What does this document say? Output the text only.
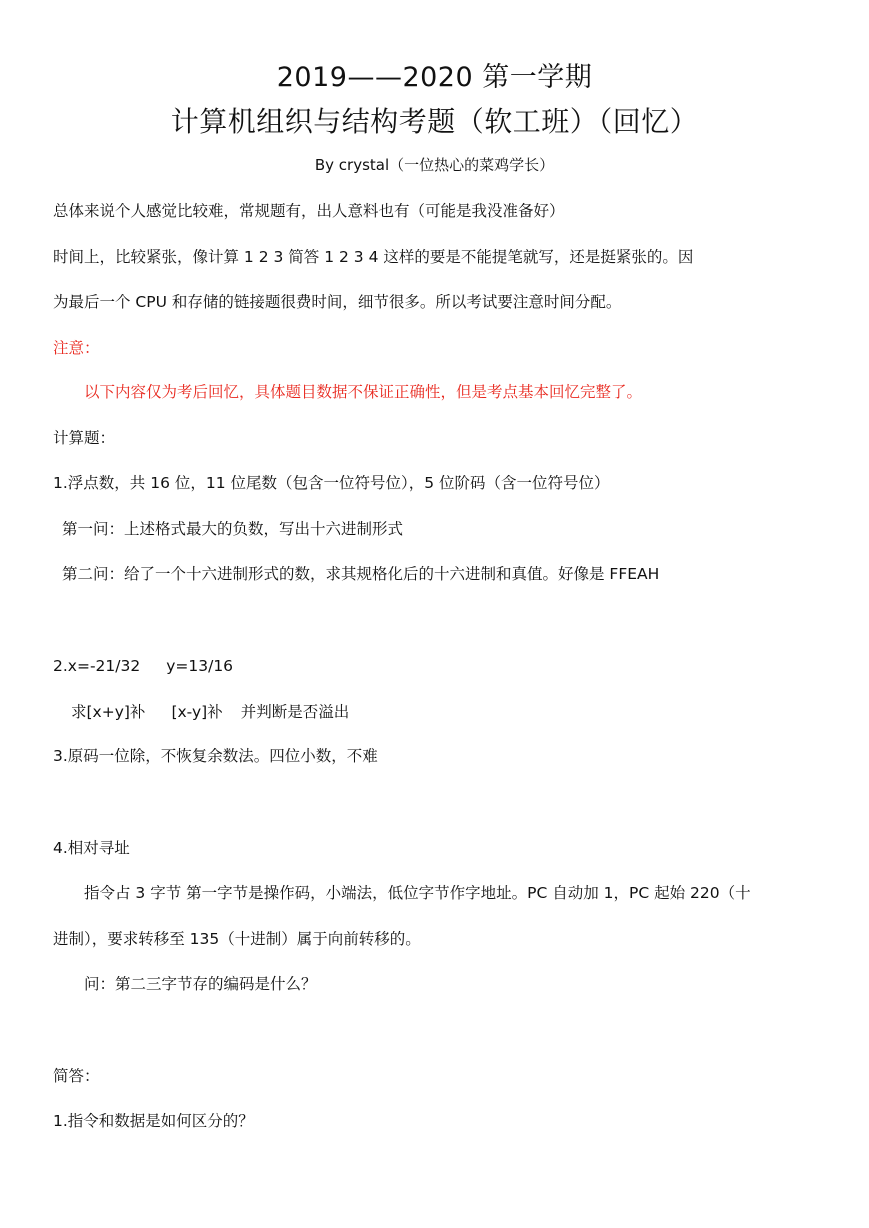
2019——2020 第一学期
计算机组织与结构考题（软工班）（回忆）
By crystal（一位热心的菜鸡学长）
总体来说个人感觉比较难，常规题有，出人意料也有（可能是我没准备好）
时间上，比较紧张，像计算 1 2 3 简答 1 2 3 4 这样的要是不能提笔就写，还是挺紧张的。因
为最后一个 CPU 和存储的链接题很费时间，细节很多。所以考试要注意时间分配。
注意：
以下内容仅为考后回忆，具体题目数据不保证正确性，但是考点基本回忆完整了。
计算题：
1.浮点数，共 16 位，11 位尾数（包含一位符号位），5 位阶码（含一位符号位）
第一问：上述格式最大的负数，写出十六进制形式
第二问：给了一个十六进制形式的数，求其规格化后的十六进制和真值。好像是 FFEAH
2.x=-21/32 y=13/16
求[x+y]补 [x-y]补 并判断是否溢出
3.原码一位除，不恢复余数法。四位小数，不难
4.相对寻址
指令占 3 字节 第一字节是操作码，小端法，低位字节作字地址。PC 自动加 1，PC 起始 220（十
进制），要求转移至 135（十进制）属于向前转移的。
问：第二三字节存的编码是什么？
简答：
1.指令和数据是如何区分的？
